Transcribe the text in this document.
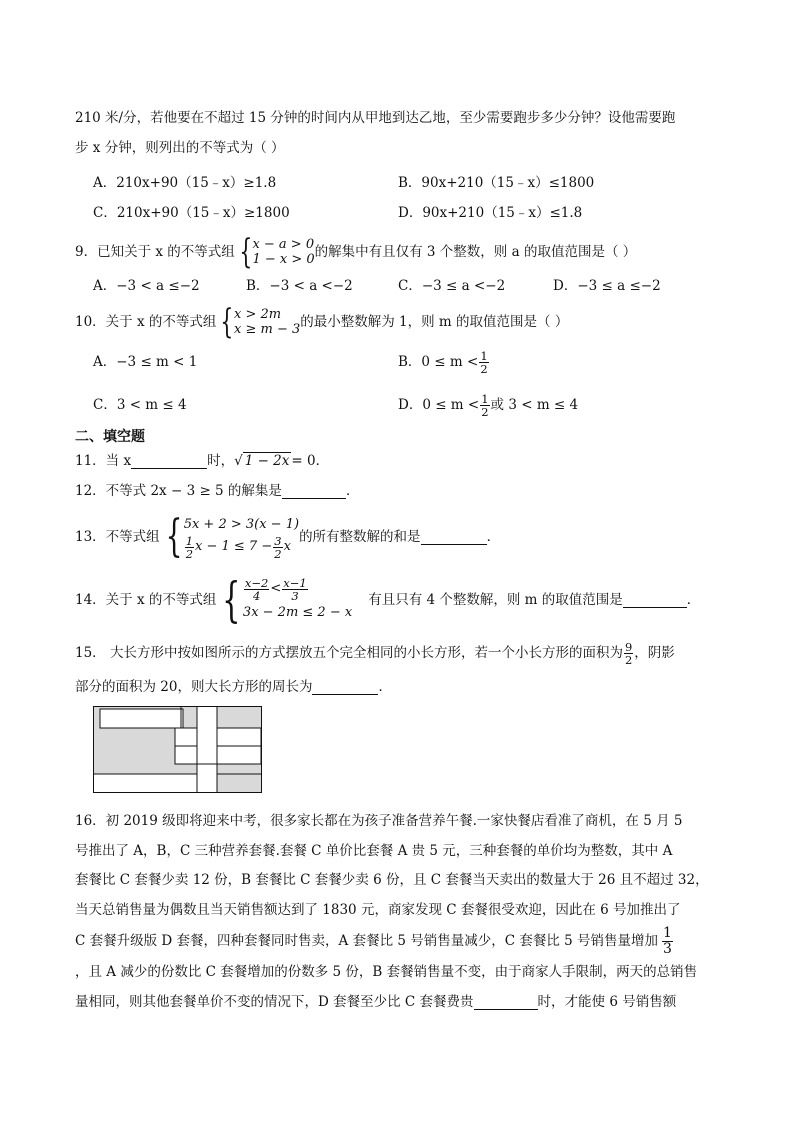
210 米/分，若他要在不超过 15 分钟的时间内从甲地到达乙地，至少需要跑步多少分钟？设他需要跑
步 x 分钟，则列出的不等式为（ ）
A．210x+90（15﹣x）≥1.8	B．90x+210（15﹣x）≤1800
C．210x+90（15﹣x）≥1800	D．90x+210（15﹣x）≤1.8
9．已知关于 x 的不等式组 { x − a > 0
1 − x > 0 的解集中有且仅有 3 个整数，则 a 的取值范围是（ ）
A．−3 < a ≤−2	B．−3 < a <−2	C．−3 ≤ a <−2	D．−3 ≤ a ≤−2
10．关于 x 的不等式组 { x > 2m
x ≥ m − 3 的最小整数解为 1，则 m 的取值范围是（ ）
A．−3 ≤ m < 1	B．$0 \le m < \frac{1}{2}$
C．3 < m ≤ 4	D．$0 \le m < \frac{1}{2}$ 或 3 < m ≤ 4
二、填空题
11．当 x	时， √ 1 − 2x = 0．
12．不等式 2x − 3 ≥ 5 的解集是	．
13．不等式组 { 5x + 2 > 3(x − 1)
$\frac{1}{2}$ $x - 1 \le 7 - \frac{3}{2}$ x
的所有整数解的和是	．
14．关于 x 的不等式组 { $\frac{x-2}{4} < \frac{x-1}{3}$
3x − 2m ≤ 2 − x
有且只有 4 个整数解，则 m 的取值范围是	．
15． 大长方形中按如图所示的方式摆放五个完全相同的小长方形，若一个小长方形的面积为 $\frac{9}{2}$ ，阴影
部分的面积为 20，则大长方形的周长为	．
16．初 2019 级即将迎来中考，很多家长都在为孩子准备营养午餐.一家快餐店看准了商机，在 5 月 5
号推出了 A，B，C 三种营养套餐.套餐 C 单价比套餐 A 贵 5 元，三种套餐的单价均为整数，其中 A
套餐比 C 套餐少卖 12 份，B 套餐比 C 套餐少卖 6 份，且 C 套餐当天卖出的数量大于 26 且不超过 32，
当天总销售量为偶数且当天销售额达到了 1830 元，商家发现 C 套餐很受欢迎，因此在 6 号加推出了
C 套餐升级版 D 套餐，四种套餐同时售卖，A 套餐比 5 号销售量减少，C 套餐比 5 号销售量增加 $\frac{1}{3}$
，且 A 减少的份数比 C 套餐增加的份数多 5 份，B 套餐销售量不变，由于商家人手限制，两天的总销售
量相同，则其他套餐单价不变的情况下，D 套餐至少比 C 套餐费贵	时，才能使 6 号销售额
